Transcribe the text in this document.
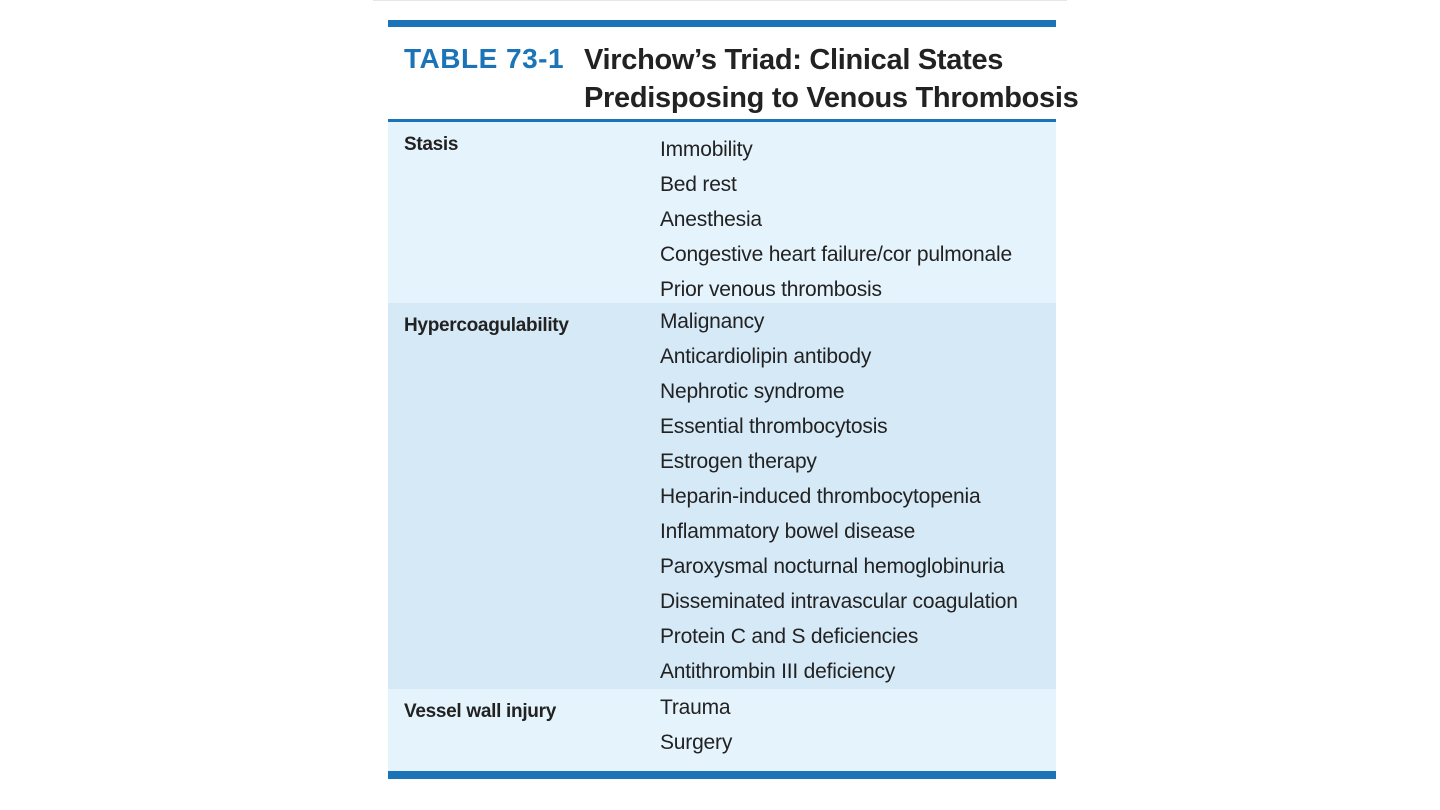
TABLE 73-1 Virchow’s Triad: Clinical States
Predisposing to Venous Thrombosis
Stasis	Immobility
Bed rest
Anesthesia
Congestive heart failure/cor pulmonale
Prior venous thrombosis
Hypercoagulability	Malignancy
Anticardiolipin antibody
Nephrotic syndrome
Essential thrombocytosis
Estrogen therapy
Heparin-induced thrombocytopenia
Inflammatory bowel disease
Paroxysmal nocturnal hemoglobinuria
Disseminated intravascular coagulation
Protein C and S deficiencies
Antithrombin III deficiency
Vessel wall injury	Trauma
Surgery
